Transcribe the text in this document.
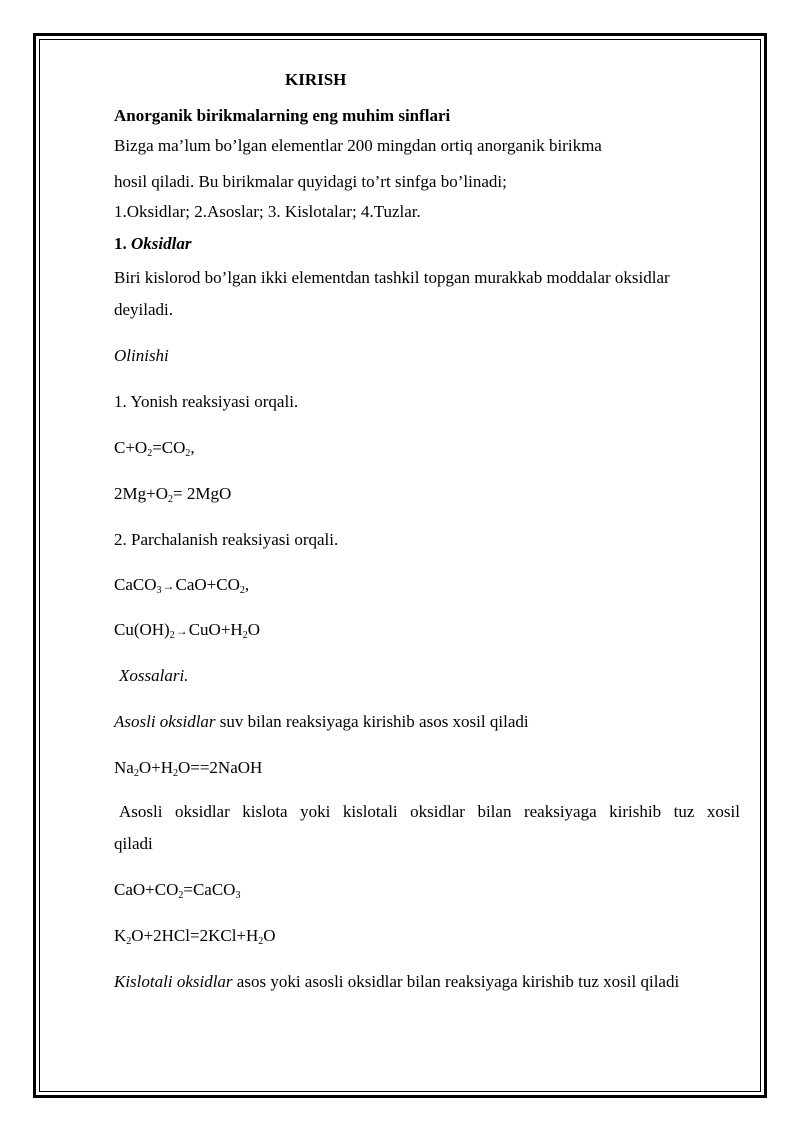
KIRISH
Anorganik birikmalarning eng muhim sinflari
Bizga ma’lum bo’lgan elementlar 200 mingdan ortiq anorganik birikma
hosil qiladi. Bu birikmalar quyidagi to’rt sinfga bo’linadi;
1.Oksidlar; 2.Asoslar; 3. Kislotalar; 4.Tuzlar.
1. Oksidlar
Biri kislorod bo’lgan ikki elementdan tashkil topgan murakkab moddalar oksidlar
deyiladi.
Olinishi
1. Yonish reaksiyasi orqali.
$C+O_2=CO_2$,
$2Mg+O_2= 2MgO$
2. Parchalanish reaksiyasi orqali.
$CaCO_3\to CaO+CO_2$,
$Cu(OH)_2\to CuO+H_2O$
Xossalari.
Asosli oksidlar suv bilan reaksiyaga kirishib asos xosil qiladi
$Na_2O+H_2O==2NaOH$
Asosli oksidlar kislota yoki kislotali oksidlar bilan reaksiyaga kirishib tuz xosil
qiladi
$CaO+CO_2=CaCO_3$
$K_2O+2HCl=2KCl+H_2O$
Kislotali oksidlar asos yoki asosli oksidlar bilan reaksiyaga kirishib tuz xosil qiladi
